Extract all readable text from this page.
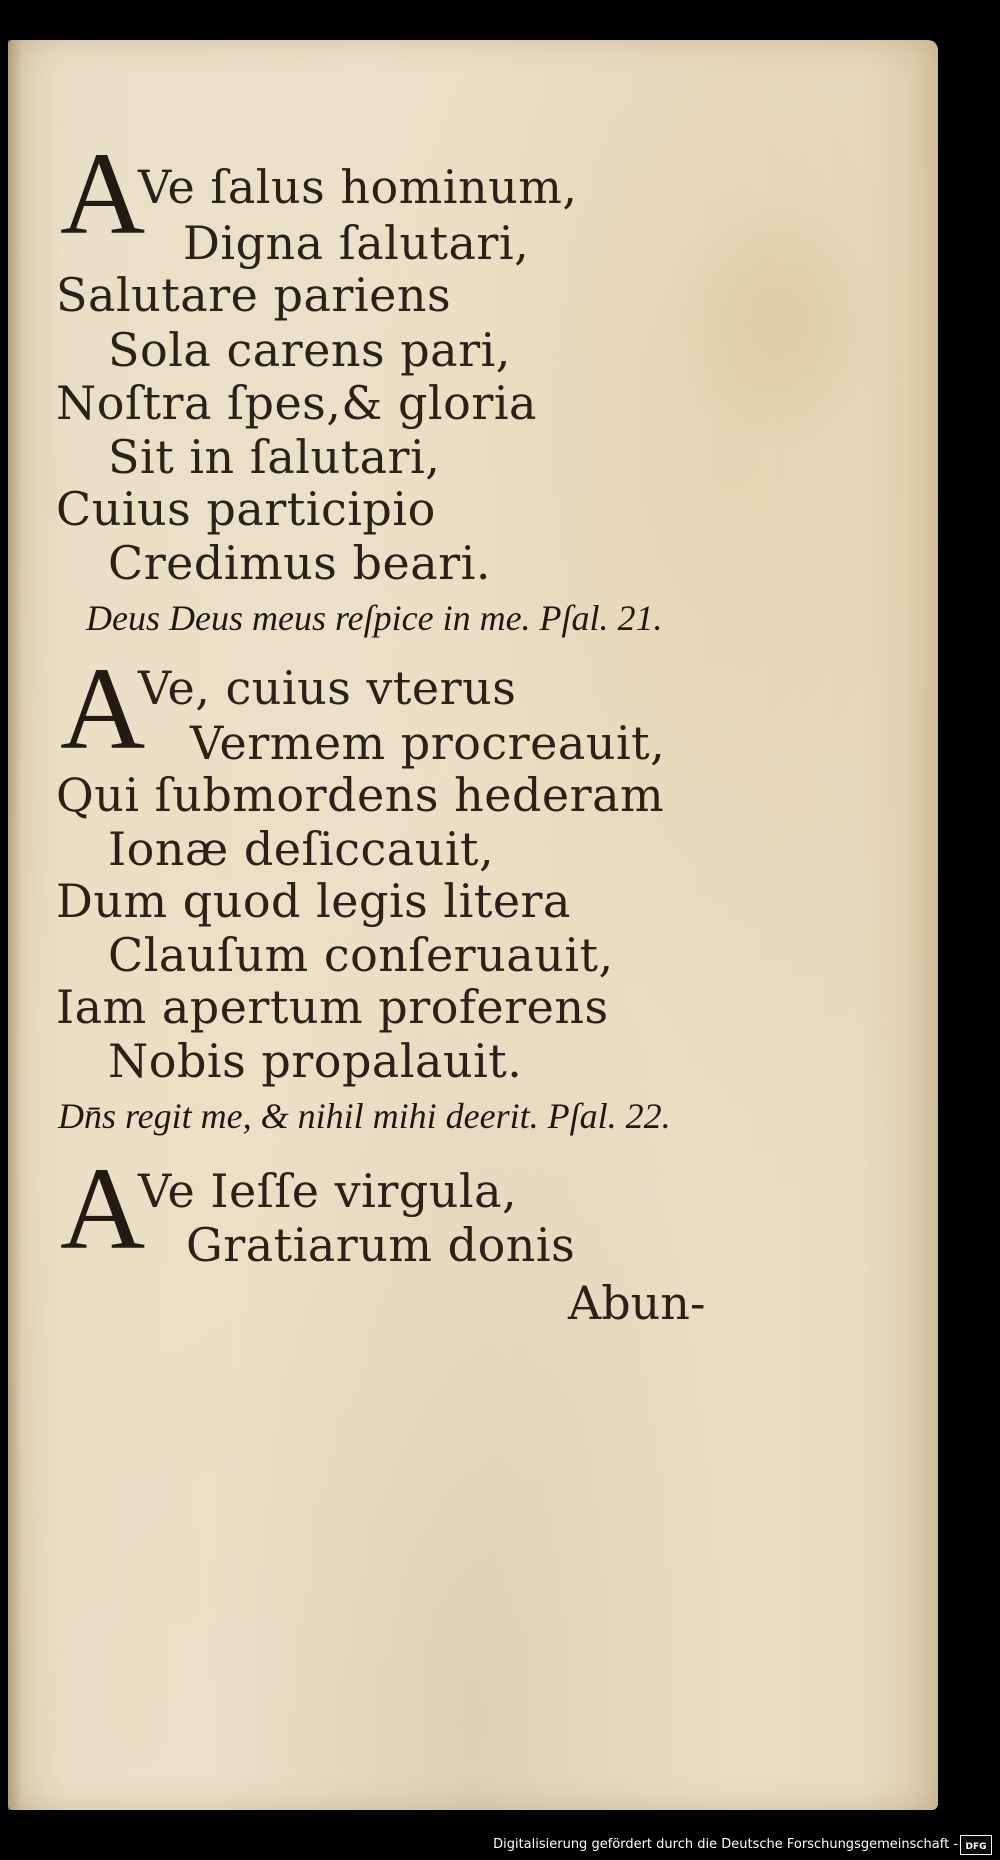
A
Ve ſalus hominum,
Digna ſalutari,
Salutare pariens
Sola carens pari,
Noſtra ſpes,& gloria
Sit in ſalutari,
Cuius participio
Credimus beari.
Deus Deus meus reſpice in me. Pſal. 21.
A
Ve, cuius vterus
Vermem procreauit,
Qui ſubmordens hederam
Ionæ deſiccauit,
Dum quod legis litera
Clauſum conſeruauit,
Iam apertum proferens
Nobis propalauit.
Dn̄s regit me, & nihil mihi deerit. Pſal. 22.
A
Ve Ieſſe virgula,
Gratiarum donis
Abun-
Digitalisierung gefördert durch die Deutsche Forschungsgemeinschaft - DFG
